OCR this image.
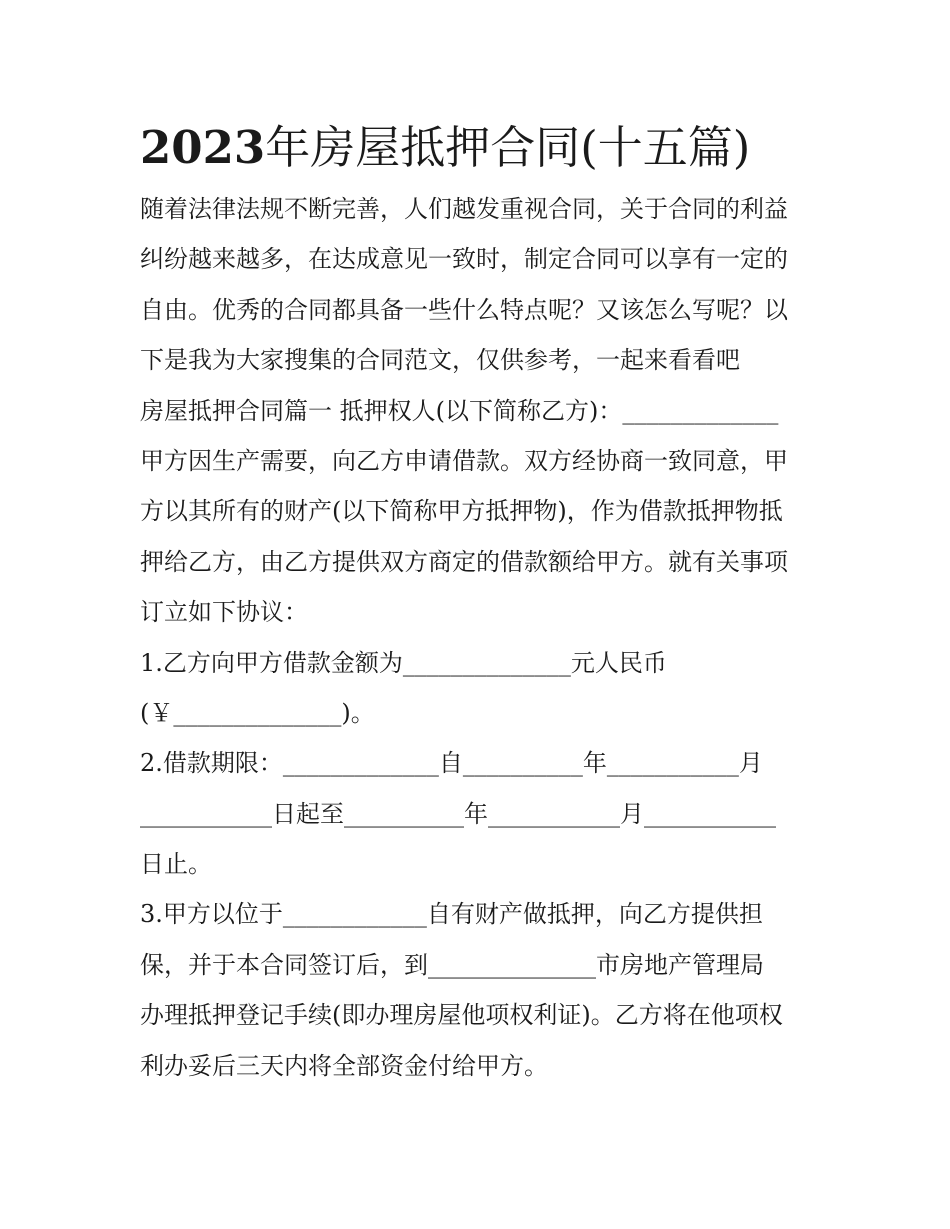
2023年房屋抵押合同(十五篇)
随着法律法规不断完善，人们越发重视合同，关于合同的利益
纠纷越来越多，在达成意见一致时，制定合同可以享有一定的
自由。优秀的合同都具备一些什么特点呢？又该怎么写呢？以
下是我为大家搜集的合同范文，仅供参考，一起来看看吧
房屋抵押合同篇一 抵押权人(以下简称乙方)：_____________
甲方因生产需要，向乙方申请借款。双方经协商一致同意，甲
方以其所有的财产(以下简称甲方抵押物)，作为借款抵押物抵
押给乙方，由乙方提供双方商定的借款额给甲方。就有关事项
订立如下协议：
1.乙方向甲方借款金额为______________元人民币
(￥______________)。
2.借款期限：_____________自__________年___________月
___________日起至__________年___________月___________
日止。
3.甲方以位于____________自有财产做抵押，向乙方提供担
保，并于本合同签订后，到______________市房地产管理局
办理抵押登记手续(即办理房屋他项权利证)。乙方将在他项权
利办妥后三天内将全部资金付给甲方。
